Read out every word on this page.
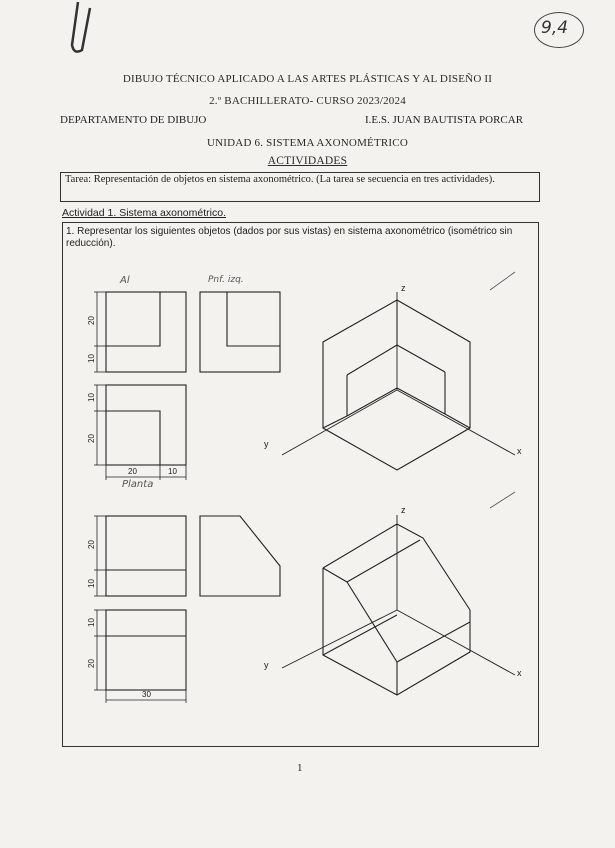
9,4
DIBUJO TÉCNICO APLICADO A LAS ARTES PLÁSTICAS Y AL DISEÑO II
2.º BACHILLERATO- CURSO 2023/2024
DEPARTAMENTO DE DIBUJO	I.E.S. JUAN BAUTISTA PORCAR
UNIDAD 6. SISTEMA AXONOMÉTRICO
ACTIVIDADES
Tarea: Representación de objetos en sistema axonométrico. (La tarea se secuencia en tres actividades).
Actividad 1. Sistema axonométrico.
1. Representar los siguientes objetos (dados por sus vistas) en sistema axonométrico (isométrico sin reducción).
Al	Pnf. izq.
Planta
20
10
10
20
20	10
20
10
10
20
30
z
y
x
z
y
x
1
